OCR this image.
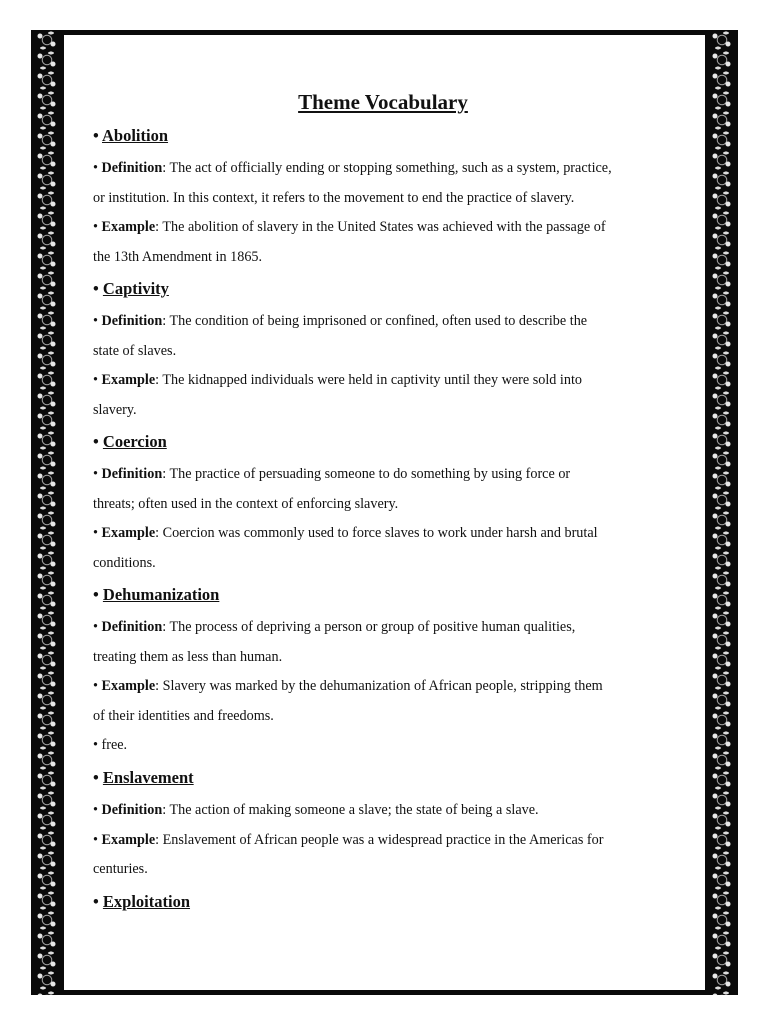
Theme Vocabulary

• Abolition

• Definition: The act of officially ending or stopping something, such as a system, practice,

or institution. In this context, it refers to the movement to end the practice of slavery.

• Example: The abolition of slavery in the United States was achieved with the passage of

the 13th Amendment in 1865.

• Captivity

• Definition: The condition of being imprisoned or confined, often used to describe the

state of slaves.

• Example: The kidnapped individuals were held in captivity until they were sold into

slavery.

• Coercion

• Definition: The practice of persuading someone to do something by using force or

threats; often used in the context of enforcing slavery.

• Example: Coercion was commonly used to force slaves to work under harsh and brutal

conditions.

• Dehumanization

• Definition: The process of depriving a person or group of positive human qualities,

treating them as less than human.

• Example: Slavery was marked by the dehumanization of African people, stripping them

of their identities and freedoms.

• free.

• Enslavement

• Definition: The action of making someone a slave; the state of being a slave.

• Example: Enslavement of African people was a widespread practice in the Americas for

centuries.

• Exploitation
